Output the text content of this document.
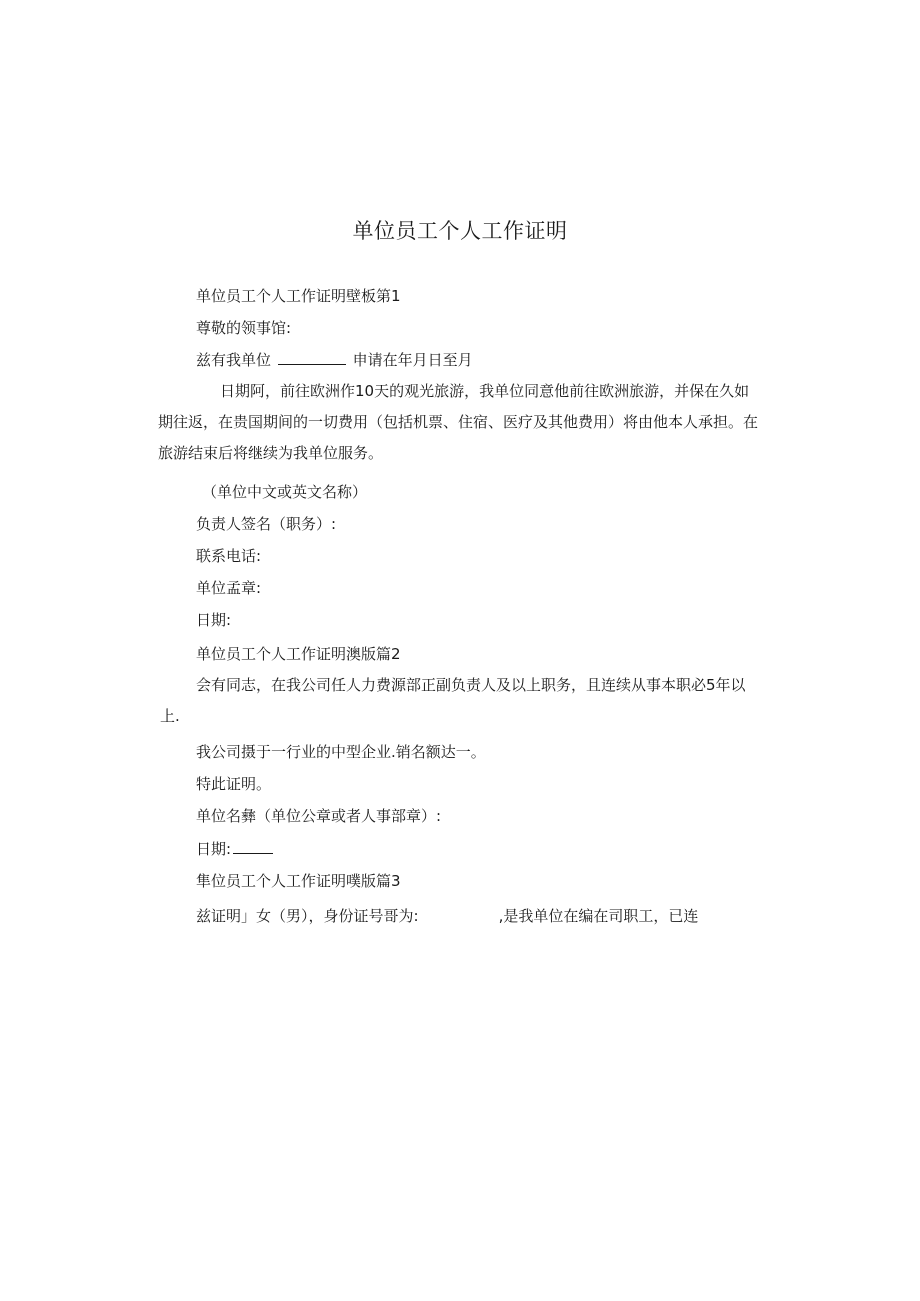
单位员工个人工作证明
单位员工个人工作证明壁板第1
尊敬的领事馆:
兹有我单位	申请在年月日至月
日期阿，前往欧洲作10天的观光旅游，我单位同意他前往欧洲旅游，并保在久如期往返，在贵国期间的一切费用（包括机票、住宿、医疗及其他费用）将由他本人承担。在旅游结束后将继续为我单位服务。
（单位中文或英文名称）
负责人签名（职务）:
联系电话:
单位孟章:
日期:
单位员工个人工作证明澳版篇2
会有同志，在我公司任人力费源部正副负责人及以上职务，且连续从事本职必5年以上.
我公司摄于一行业的中型企业.销名额达一。
特此证明。
单位名彝（单位公章或者人事部章）:
日期:
隼位员工个人工作证明噗版篇3
兹证明」女（男），身份证号哥为:	,是我单位在编在司职工，已连
